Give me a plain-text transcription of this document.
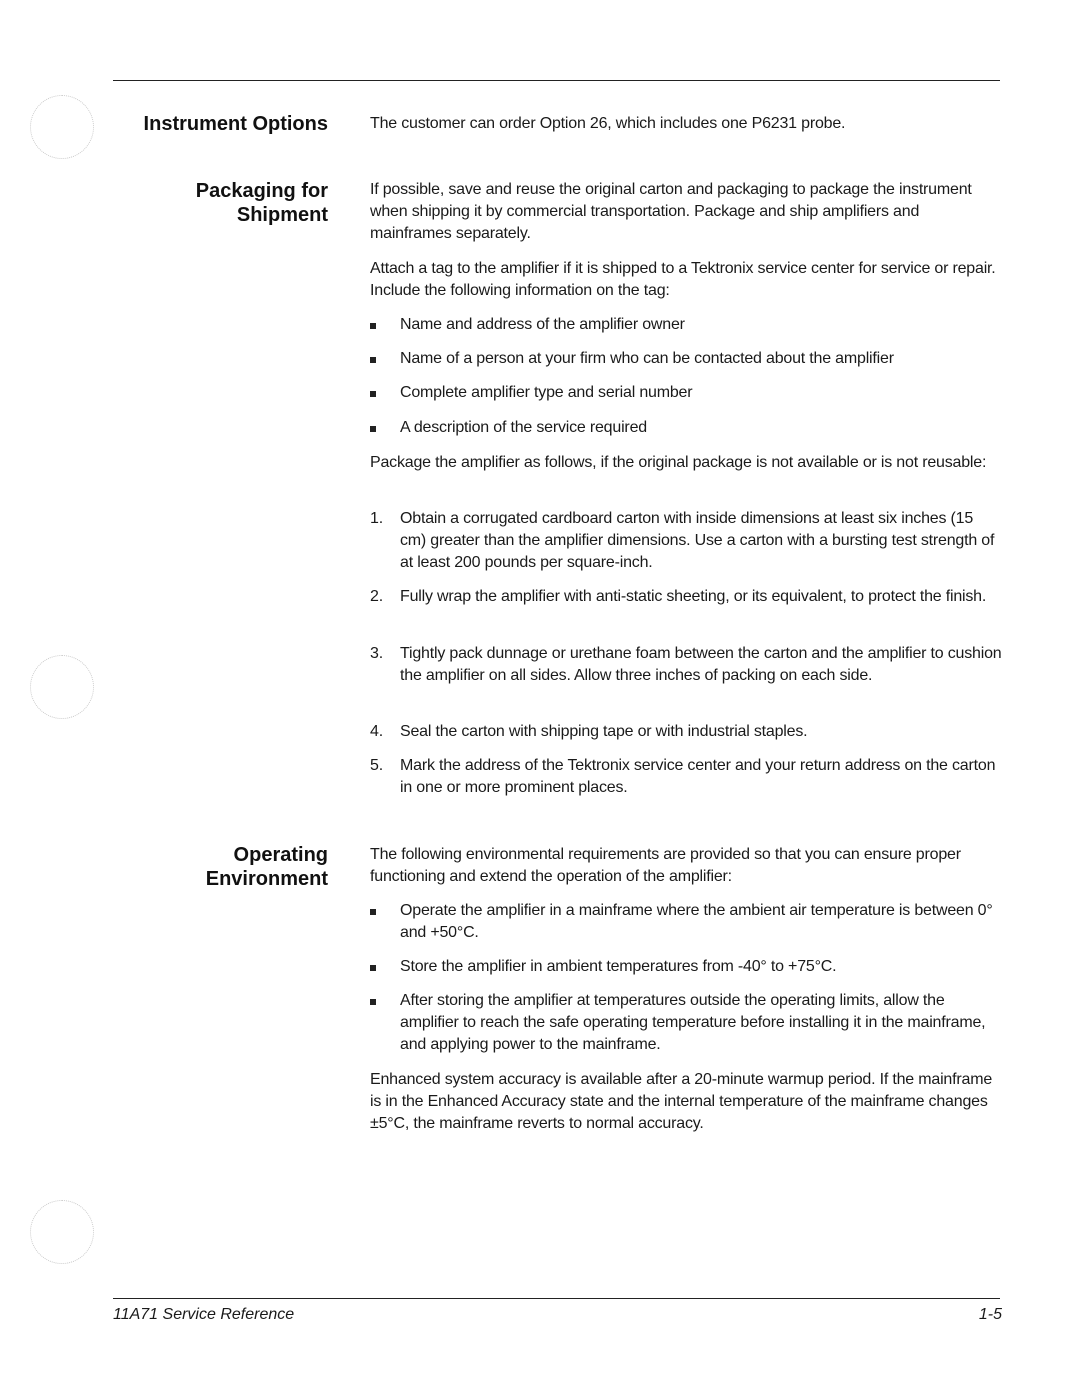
Instrument Options	The customer can order Option 26, which includes one P6231 probe.
Packaging for
Shipment
If possible, save and reuse the original carton and packaging to package the instrument when shipping it by commercial transportation. Package and ship amplifiers and mainframes separately.
Attach a tag to the amplifier if it is shipped to a Tektronix service center for service or repair. Include the following information on the tag:
Name and address of the amplifier owner
Name of a person at your firm who can be contacted about the amplifier
Complete amplifier type and serial number
A description of the service required
Package the amplifier as follows, if the original package is not available or is not reusable:
1.	Obtain a corrugated cardboard carton with inside dimensions at least six inches (15 cm) greater than the amplifier dimensions. Use a carton with a bursting test strength of at least 200 pounds per square-inch.
2.	Fully wrap the amplifier with anti-static sheeting, or its equivalent, to protect the finish.
3.	Tightly pack dunnage or urethane foam between the carton and the amplifier to cushion the amplifier on all sides. Allow three inches of packing on each side.
4.	Seal the carton with shipping tape or with industrial staples.
5.	Mark the address of the Tektronix service center and your return address on the carton in one or more prominent places.
Operating
Environment
The following environmental requirements are provided so that you can ensure proper functioning and extend the operation of the amplifier:
Operate the amplifier in a mainframe where the ambient air temperature is between 0° and +50°C.
Store the amplifier in ambient temperatures from -40° to +75°C.
After storing the amplifier at temperatures outside the operating limits, allow the amplifier to reach the safe operating temperature before installing it in the mainframe, and applying power to the mainframe.
Enhanced system accuracy is available after a 20-minute warmup period. If the mainframe is in the Enhanced Accuracy state and the internal temperature of the mainframe changes ±5°C, the mainframe reverts to normal accuracy.
11A71 Service Reference	1-5
